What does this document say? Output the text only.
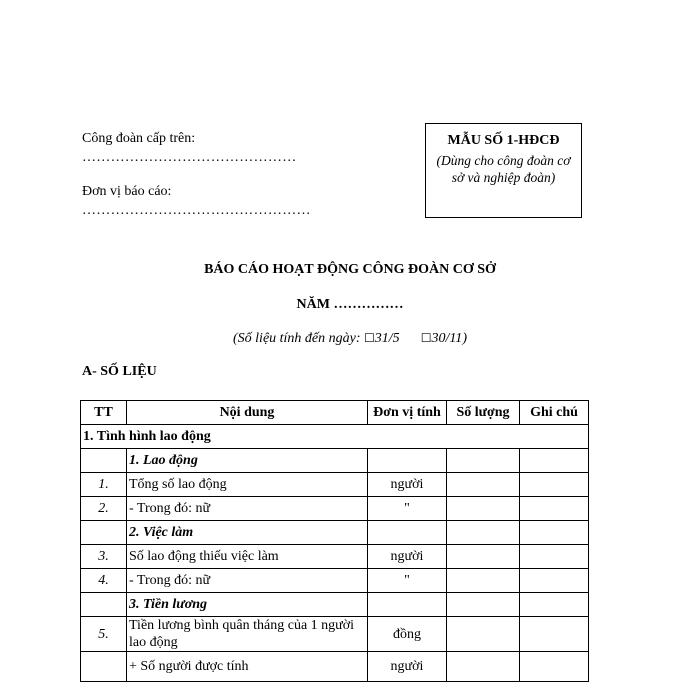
Công đoàn cấp trên:
………………………………………
Đơn vị báo cáo:
…………………………………………
MẪU SỐ 1-HĐCĐ
(Dùng cho công đoàn cơ sở và nghiệp đoàn)
BÁO CÁO HOẠT ĐỘNG CÔNG ĐOÀN CƠ SỞ
NĂM ……………
(Số liệu tính đến ngày: ☐31/5 ☐30/11)
A- SỐ LIỆU
TT	Nội dung	Đơn vị tính	Số lượng	Ghi chú
1. Tình hình lao động				
	1. Lao động			
1.	Tổng số lao động	người		
2.	- Trong đó: nữ	"		
	2. Việc làm			
3.	Số lao động thiếu việc làm	người		
4.	- Trong đó: nữ	"		
	3. Tiền lương			
5.	Tiền lương bình quân tháng của 1 người lao động	đồng		
	+ Số người được tính	người		
